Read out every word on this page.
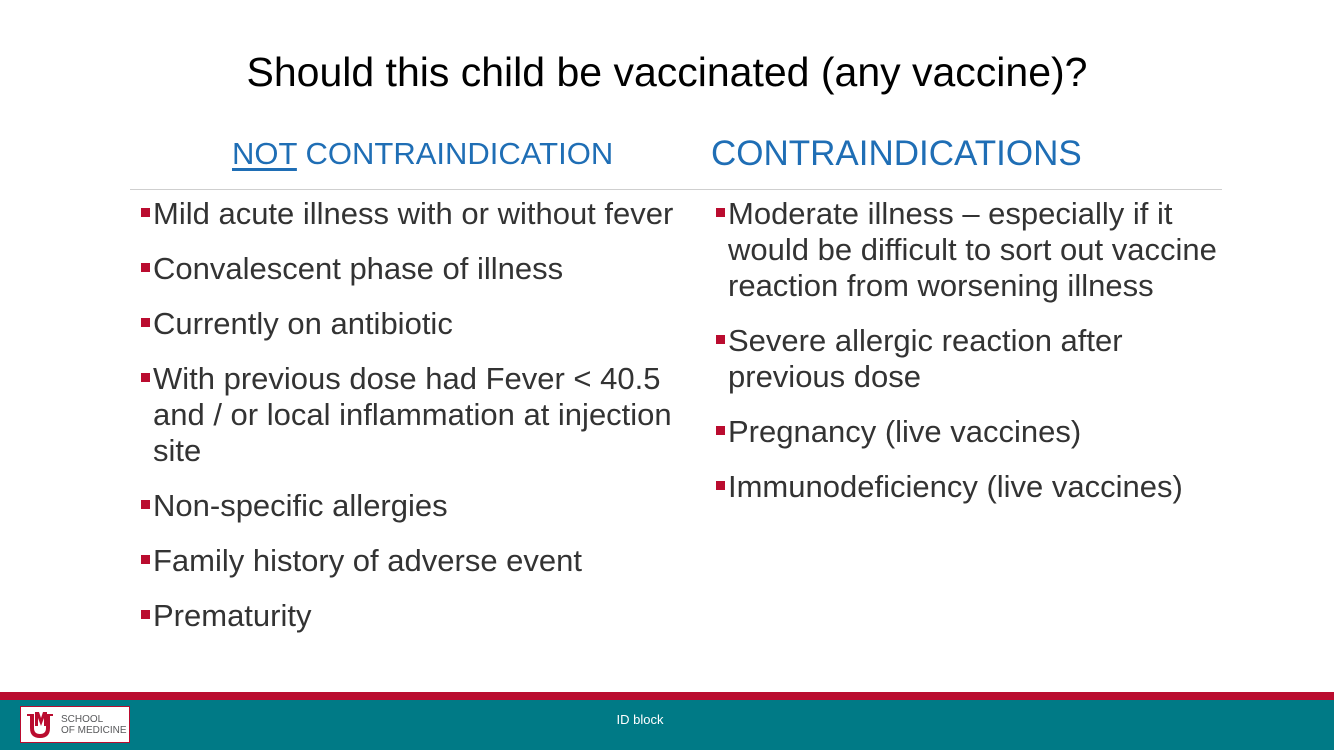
Should this child be vaccinated (any vaccine)?
NOT CONTRAINDICATION	CONTRAINDICATIONS
Mild acute illness with or without fever
Convalescent phase of illness
Currently on antibiotic
With previous dose had Fever < 40.5 and / or local inflammation at injection site
Non-specific allergies
Family history of adverse event
Prematurity
Moderate illness – especially if it would be difficult to sort out vaccine reaction from worsening illness
Severe allergic reaction after previous dose
Pregnancy (live vaccines)
Immunodeficiency (live vaccines)
SCHOOL
OF MEDICINE
ID block
